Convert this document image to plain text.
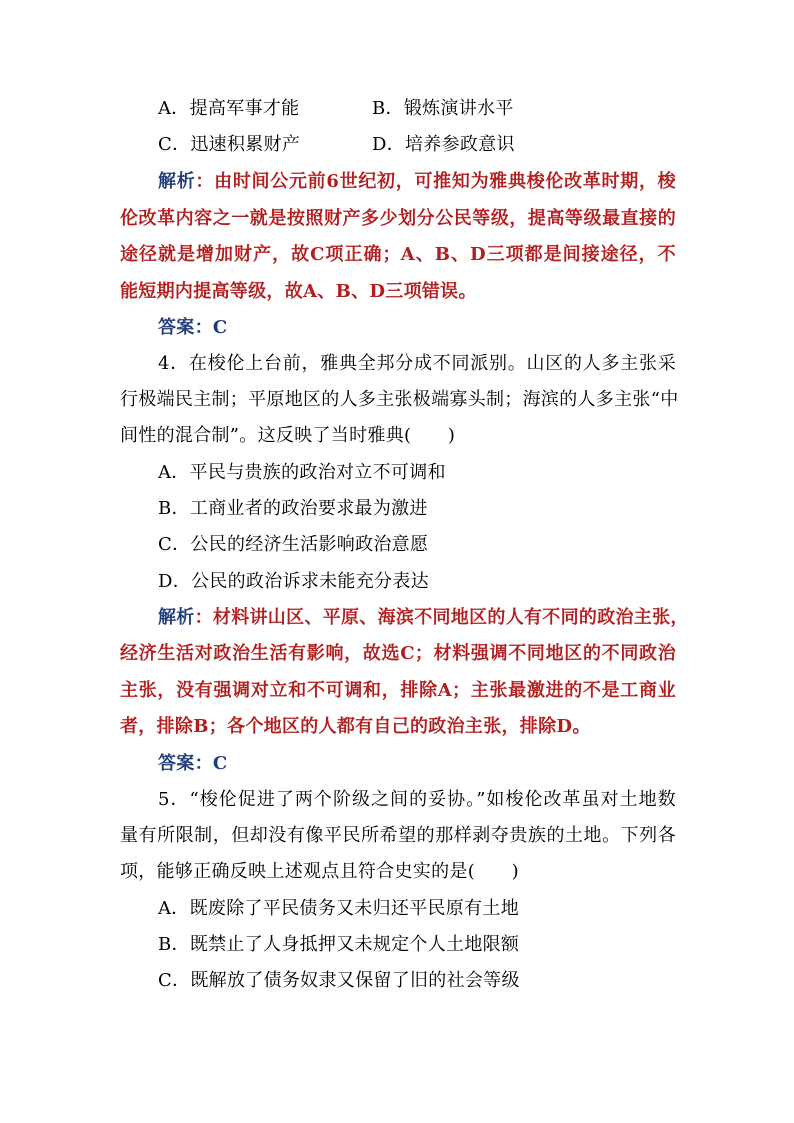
A．提高军事才能	B．锻炼演讲水平
C．迅速积累财产	D．培养参政意识
解析：由时间公元前6世纪初，可推知为雅典梭伦改革时期，梭
伦改革内容之一就是按照财产多少划分公民等级，提高等级最直接的
途径就是增加财产，故C项正确；A、B、D三项都是间接途径，不
能短期内提高等级，故A、B、D三项错误。
答案：C
4．在梭伦上台前，雅典全邦分成不同派别。山区的人多主张采
行极端民主制；平原地区的人多主张极端寡头制；海滨的人多主张“中
间性的混合制”。这反映了当时雅典(　　)
A．平民与贵族的政治对立不可调和
B．工商业者的政治要求最为激进
C．公民的经济生活影响政治意愿
D．公民的政治诉求未能充分表达
解析：材料讲山区、平原、海滨不同地区的人有不同的政治主张，
经济生活对政治生活有影响，故选C；材料强调不同地区的不同政治
主张，没有强调对立和不可调和，排除A；主张最激进的不是工商业
者，排除B；各个地区的人都有自己的政治主张，排除D。
答案：C
5．“梭伦促进了两个阶级之间的妥协。”如梭伦改革虽对土地数
量有所限制，但却没有像平民所希望的那样剥夺贵族的土地。下列各
项，能够正确反映上述观点且符合史实的是(　　)
A．既废除了平民债务又未归还平民原有土地
B．既禁止了人身抵押又未规定个人土地限额
C．既解放了债务奴隶又保留了旧的社会等级
